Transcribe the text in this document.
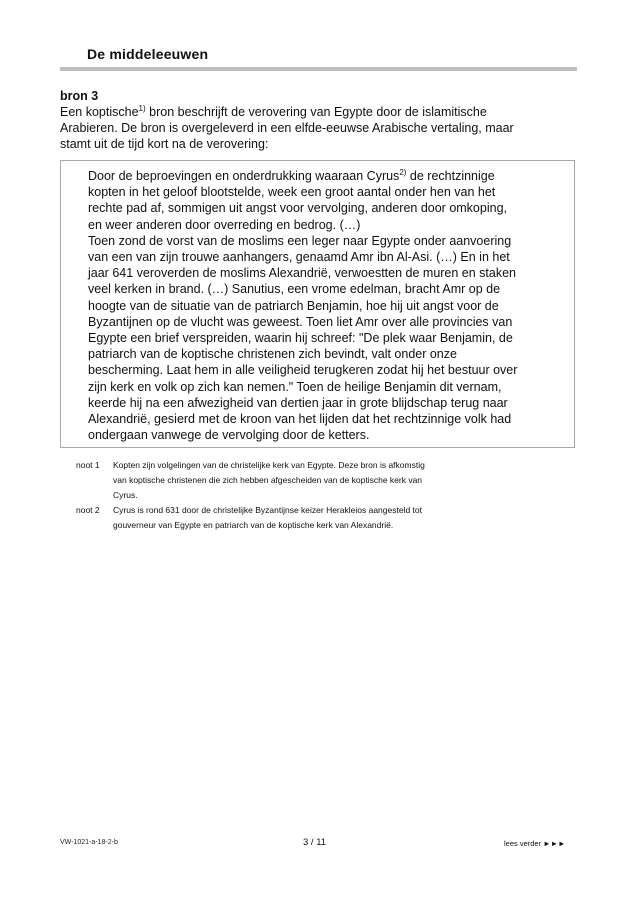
De middeleeuwen
bron 3
Een koptische$^{1)}$ bron beschrijft de verovering van Egypte door de islamitische
Arabieren. De bron is overgeleverd in een elfde-eeuwse Arabische vertaling, maar
stamt uit de tijd kort na de verovering:
Door de beproevingen en onderdrukking waaraan Cyrus$^{2)}$ de rechtzinnige
kopten in het geloof blootstelde, week een groot aantal onder hen van het
rechte pad af, sommigen uit angst voor vervolging, anderen door omkoping,
en weer anderen door overreding en bedrog. (…)
Toen zond de vorst van de moslims een leger naar Egypte onder aanvoering
van een van zijn trouwe aanhangers, genaamd Amr ibn Al-Asi. (…) En in het
jaar 641 veroverden de moslims Alexandrië, verwoestten de muren en staken
veel kerken in brand. (…) Sanutius, een vrome edelman, bracht Amr op de
hoogte van de situatie van de patriarch Benjamin, hoe hij uit angst voor de
Byzantijnen op de vlucht was geweest. Toen liet Amr over alle provincies van
Egypte een brief verspreiden, waarin hij schreef: "De plek waar Benjamin, de
patriarch van de koptische christenen zich bevindt, valt onder onze
bescherming. Laat hem in alle veiligheid terugkeren zodat hij het bestuur over
zijn kerk en volk op zich kan nemen." Toen de heilige Benjamin dit vernam,
keerde hij na een afwezigheid van dertien jaar in grote blijdschap terug naar
Alexandrië, gesierd met de kroon van het lijden dat het rechtzinnige volk had
ondergaan vanwege de vervolging door de ketters.
noot 1	Kopten zijn volgelingen van de christelijke kerk van Egypte. Deze bron is afkomstig
van koptische christenen die zich hebben afgescheiden van de koptische kerk van
Cyrus.
noot 2	Cyrus is rond 631 door de christelijke Byzantijnse keizer Herakleios aangesteld tot
gouverneur van Egypte en patriarch van de koptische kerk van Alexandrië.
VW-1021-a-18-2-b	3 / 11	lees verder ►►►
